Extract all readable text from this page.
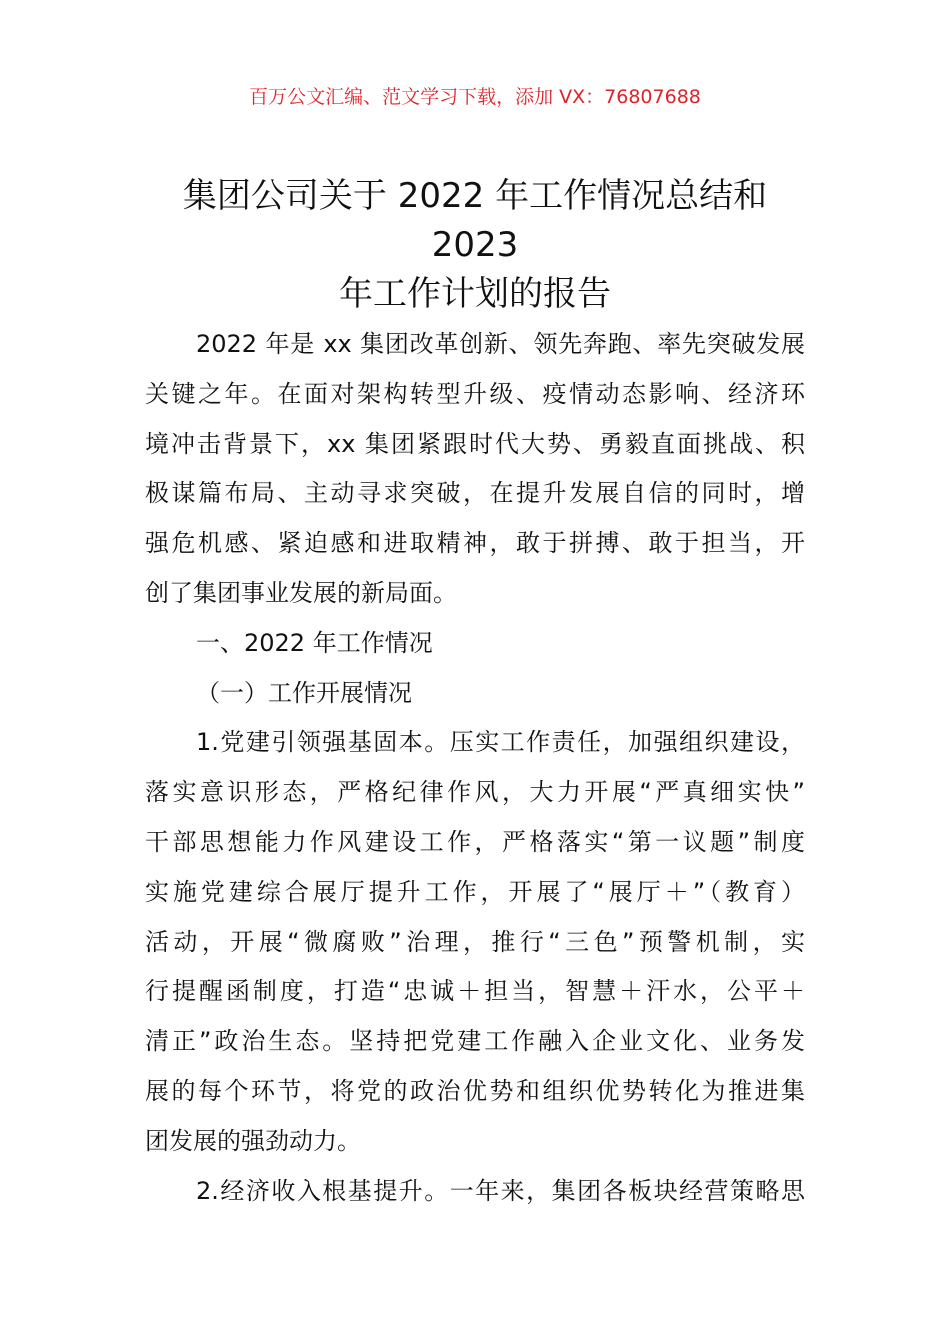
百万公文汇编、范文学习下载，添加 VX：76807688
集团公司关于 2022 年工作情况总结和 2023
年工作计划的报告
2022 年是 xx 集团改革创新、领先奔跑、率先突破发展
关键之年。在面对架构转型升级、疫情动态影响、经济环
境冲击背景下，xx 集团紧跟时代大势、勇毅直面挑战、积
极谋篇布局、主动寻求突破，在提升发展自信的同时，增
强危机感、紧迫感和进取精神，敢于拼搏、敢于担当，开
创了集团事业发展的新局面。
一、2022 年工作情况
（一）工作开展情况
1.党建引领强基固本。压实工作责任，加强组织建设，
落实意识形态，严格纪律作风，大力开展“严真细实快”
干部思想能力作风建设工作，严格落实“第一议题”制度
实施党建综合展厅提升工作，开展了“展厅＋”（教育）
活动，开展“微腐败”治理，推行“三色”预警机制，实
行提醒函制度，打造“忠诚＋担当，智慧＋汗水，公平＋
清正”政治生态。坚持把党建工作融入企业文化、业务发
展的每个环节，将党的政治优势和组织优势转化为推进集
团发展的强劲动力。
2.经济收入根基提升。一年来，集团各板块经营策略思
